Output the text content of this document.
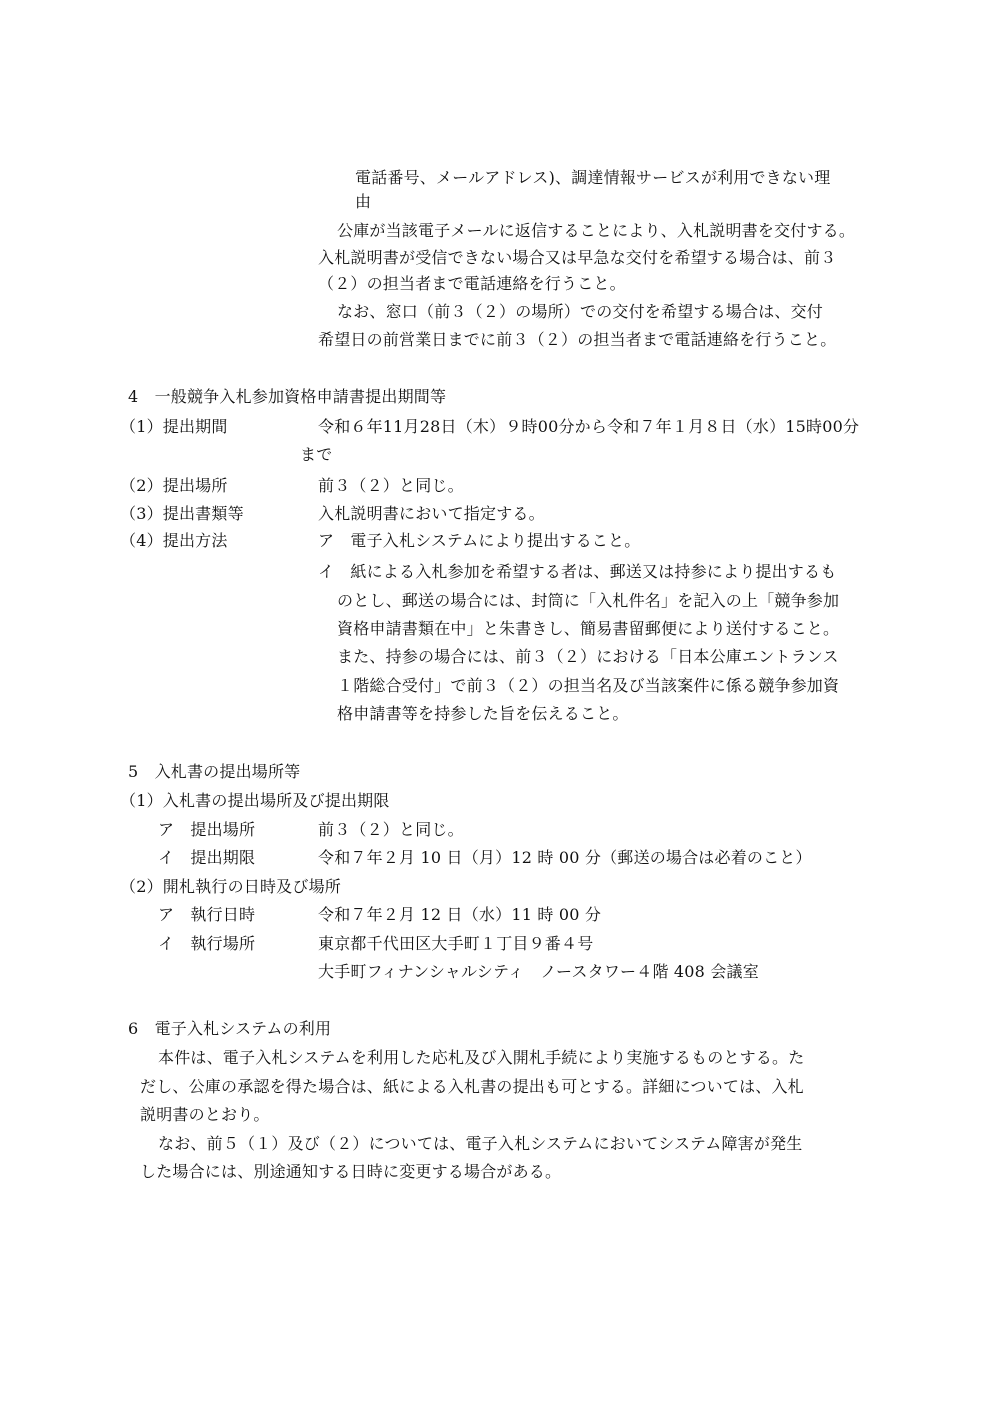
電話番号、メールアドレス)、調達情報サービスが利用できない理
由
公庫が当該電子メールに返信することにより、入札説明書を交付する。
入札説明書が受信できない場合又は早急な交付を希望する場合は、前３
（２）の担当者まで電話連絡を行うこと。
なお、窓口（前３（２）の場所）での交付を希望する場合は、交付
希望日の前営業日までに前３（２）の担当者まで電話連絡を行うこと。
4　一般競争入札参加資格申請書提出期間等
（1）提出期間	令和６年11月28日（木）９時00分から令和７年１月８日（水）15時00分
まで
（2）提出場所	前３（２）と同じ。
（3）提出書類等	入札説明書において指定する。
（4）提出方法	ア　電子入札システムにより提出すること。
イ　紙による入札参加を希望する者は、郵送又は持参により提出するも
のとし、郵送の場合には、封筒に「入札件名」を記入の上「競争参加
資格申請書類在中」と朱書きし、簡易書留郵便により送付すること。
また、持参の場合には、前３（２）における「日本公庫エントランス
１階総合受付」で前３（２）の担当名及び当該案件に係る競争参加資
格申請書等を持参した旨を伝えること。
5　入札書の提出場所等
（1）入札書の提出場所及び提出期限
ア　提出場所	前３（２）と同じ。
イ　提出期限	令和７年２月 10 日（月）12 時 00 分（郵送の場合は必着のこと）
（2）開札執行の日時及び場所
ア　執行日時	令和７年２月 12 日（水）11 時 00 分
イ　執行場所	東京都千代田区大手町１丁目９番４号
大手町フィナンシャルシティ　ノースタワー４階 408 会議室
6　電子入札システムの利用
本件は、電子入札システムを利用した応札及び入開札手続により実施するものとする。た
だし、公庫の承認を得た場合は、紙による入札書の提出も可とする。詳細については、入札
説明書のとおり。
なお、前５（１）及び（２）については、電子入札システムにおいてシステム障害が発生
した場合には、別途通知する日時に変更する場合がある。
